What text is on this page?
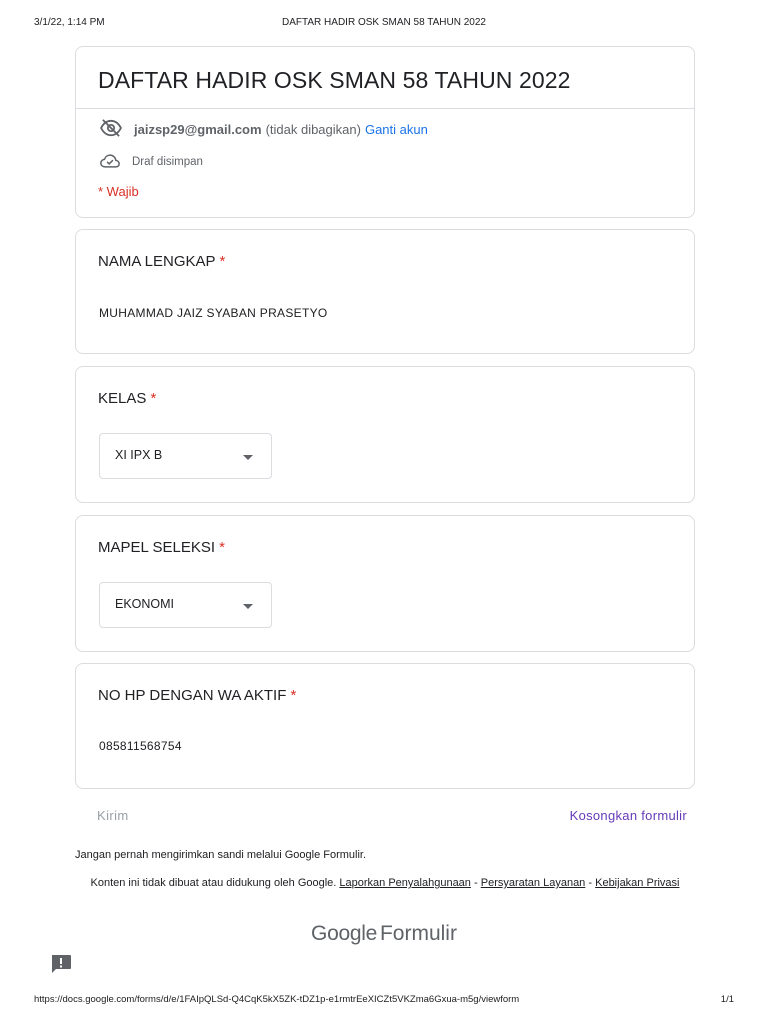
3/1/22, 1:14 PM	DAFTAR HADIR OSK SMAN 58 TAHUN 2022
DAFTAR HADIR OSK SMAN 58 TAHUN 2022
jaizsp29@gmail.com (tidak dibagikan) Ganti akun
Draf disimpan
* Wajib
NAMA LENGKAP *
MUHAMMAD JAIZ SYABAN PRASETYO
KELAS *
XI IPX B
MAPEL SELEKSI *
EKONOMI
NO HP DENGAN WA AKTIF *
085811568754
Kirim	Kosongkan formulir
Jangan pernah mengirimkan sandi melalui Google Formulir.
Konten ini tidak dibuat atau didukung oleh Google. Laporkan Penyalahgunaan - Persyaratan Layanan - Kebijakan Privasi
Google Formulir
https://docs.google.com/forms/d/e/1FAIpQLSd-Q4CqK5kX5ZK-tDZ1p-e1rmtrEeXICZt5VKZma6Gxua-m5g/viewform	1/1
